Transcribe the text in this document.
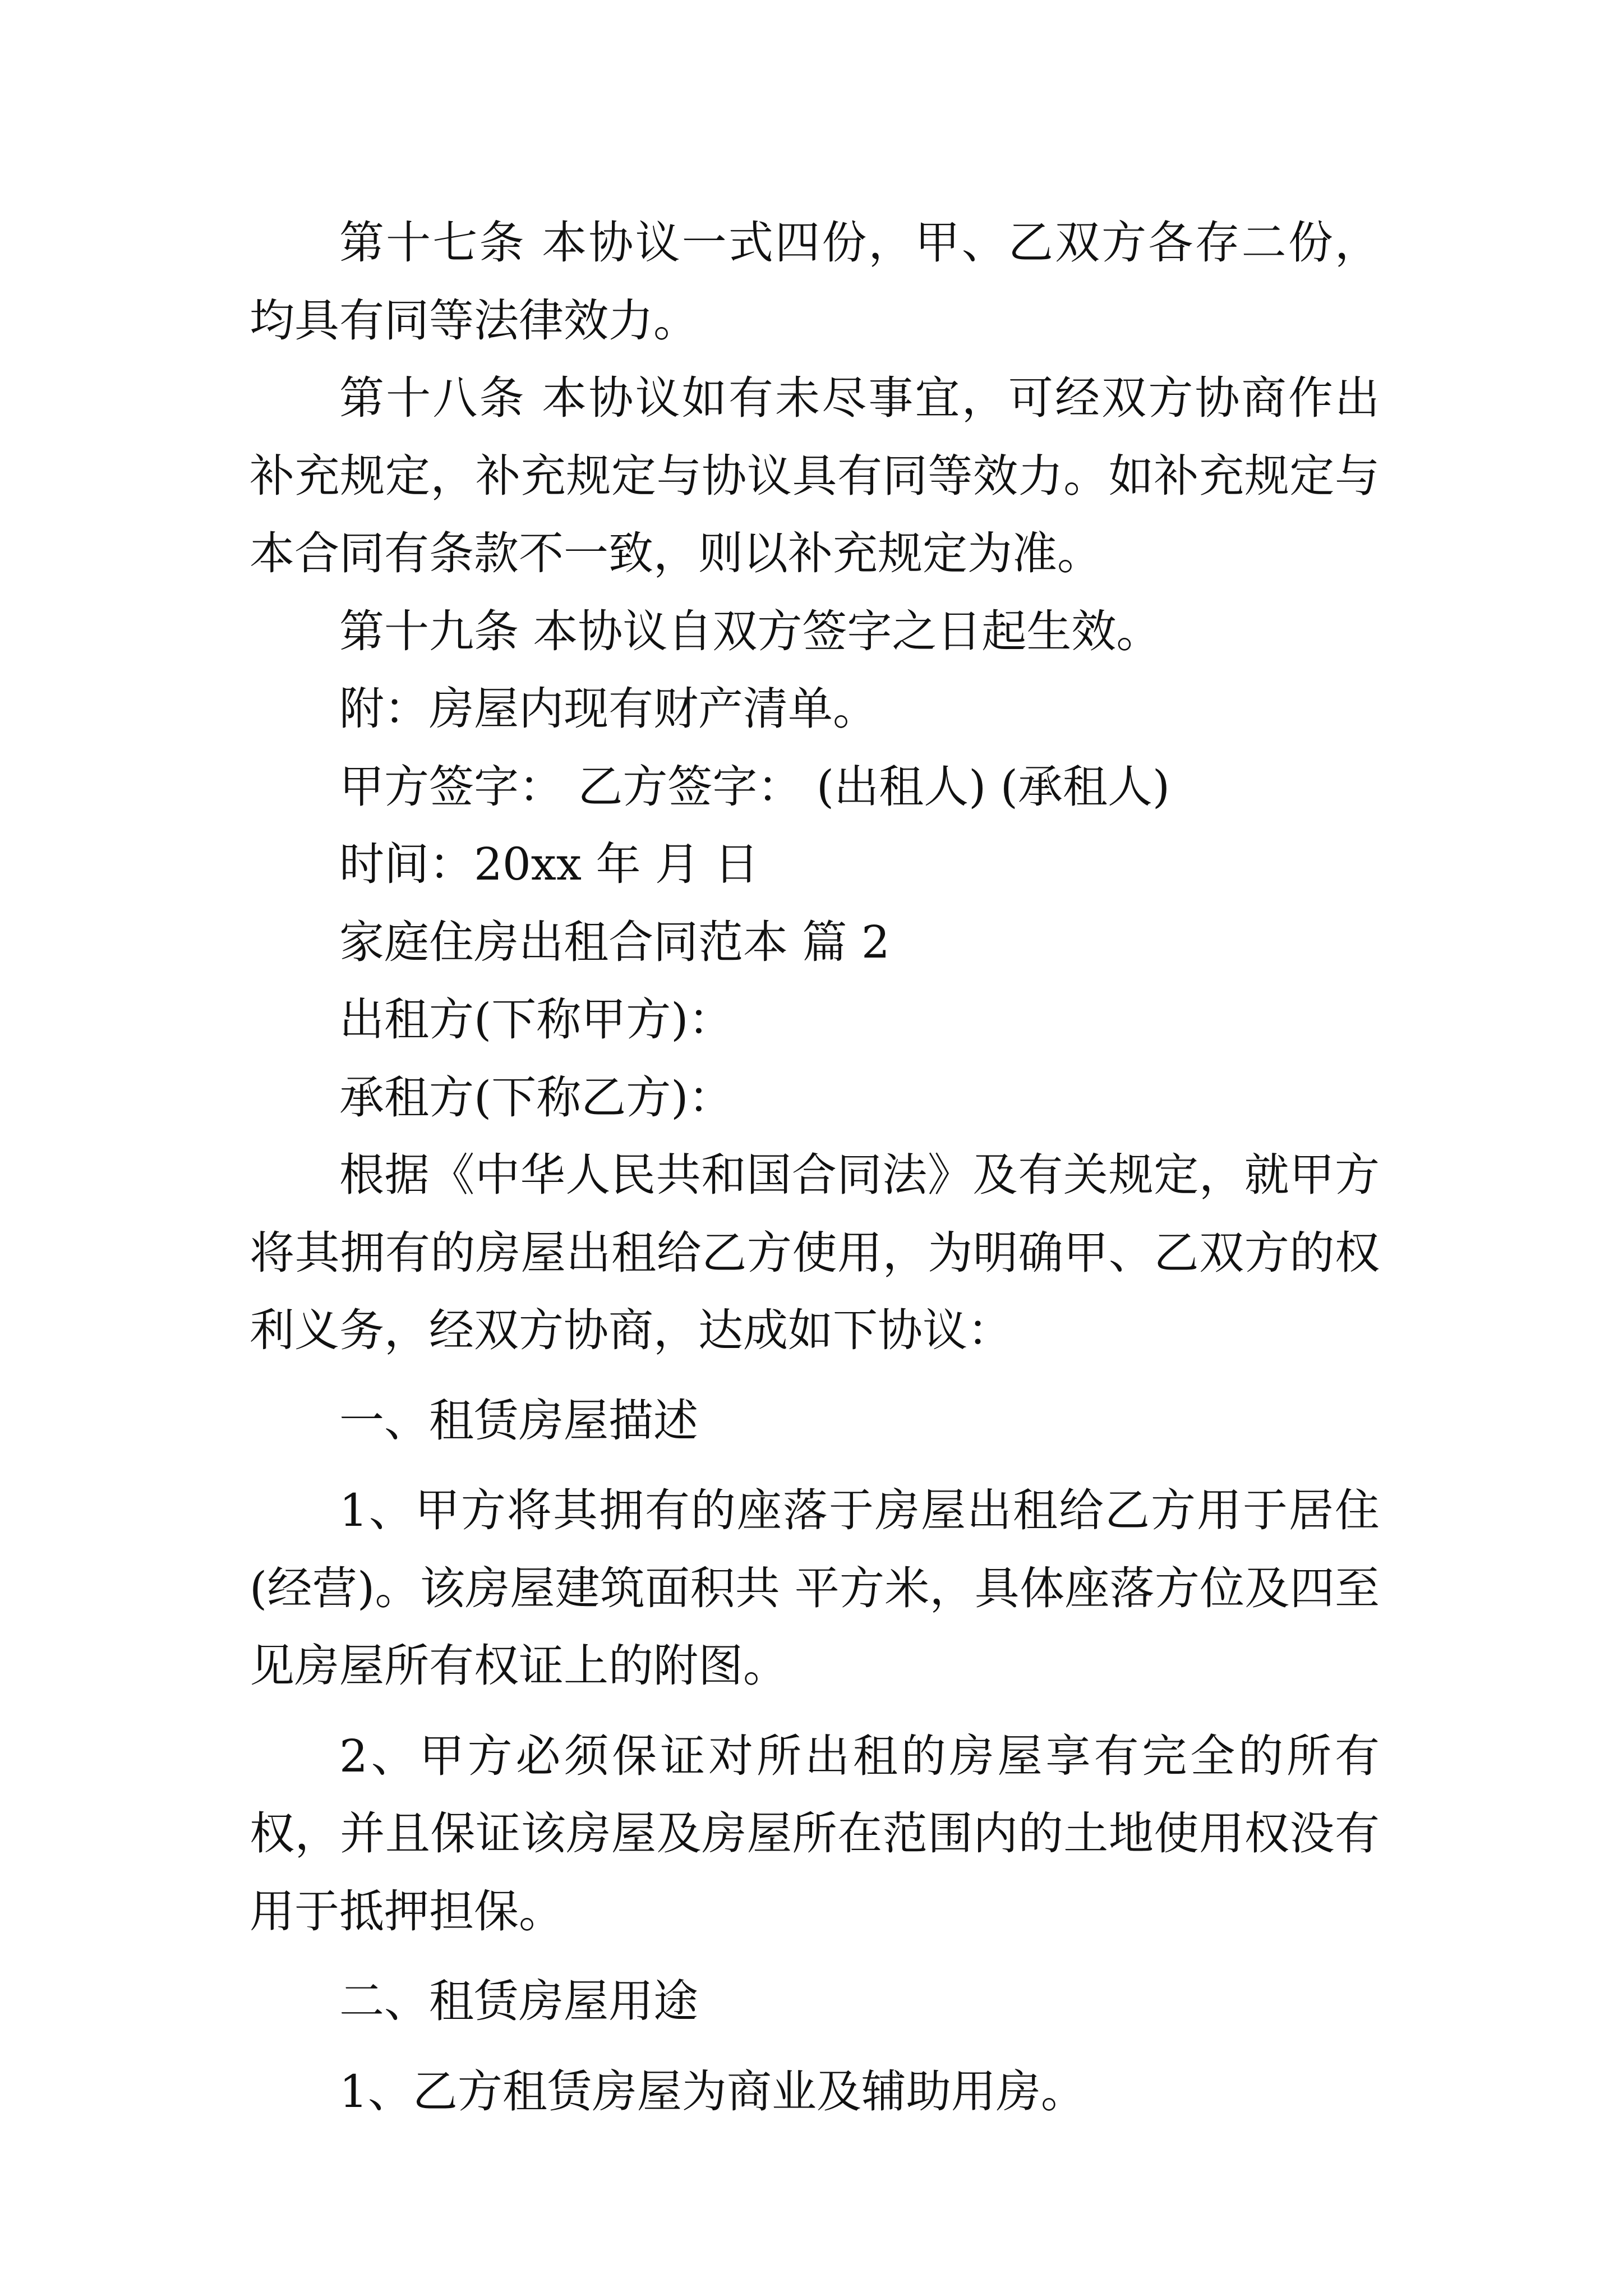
第十七条 本协议一式四份，甲、乙双方各存二份，均具有同等法律效力。

第十八条 本协议如有未尽事宜，可经双方协商作出补充规定，补充规定与协议具有同等效力。如补充规定与本合同有条款不一致，则以补充规定为准。

第十九条 本协议自双方签字之日起生效。

附：房屋内现有财产清单。

甲方签字： 乙方签字： (出租人) (承租人)

时间：20xx 年 月 日

家庭住房出租合同范本 篇 2

出租方(下称甲方)：

承租方(下称乙方)：

根据《中华人民共和国合同法》及有关规定，就甲方将其拥有的房屋出租给乙方使用，为明确甲、乙双方的权利义务，经双方协商，达成如下协议：

一、租赁房屋描述

1、甲方将其拥有的座落于房屋出租给乙方用于居住(经营)。该房屋建筑面积共 平方米，具体座落方位及四至见房屋所有权证上的附图。

2、甲方必须保证对所出租的房屋享有完全的所有权，并且保证该房屋及房屋所在范围内的土地使用权没有用于抵押担保。

二、租赁房屋用途

1、乙方租赁房屋为商业及辅助用房。
